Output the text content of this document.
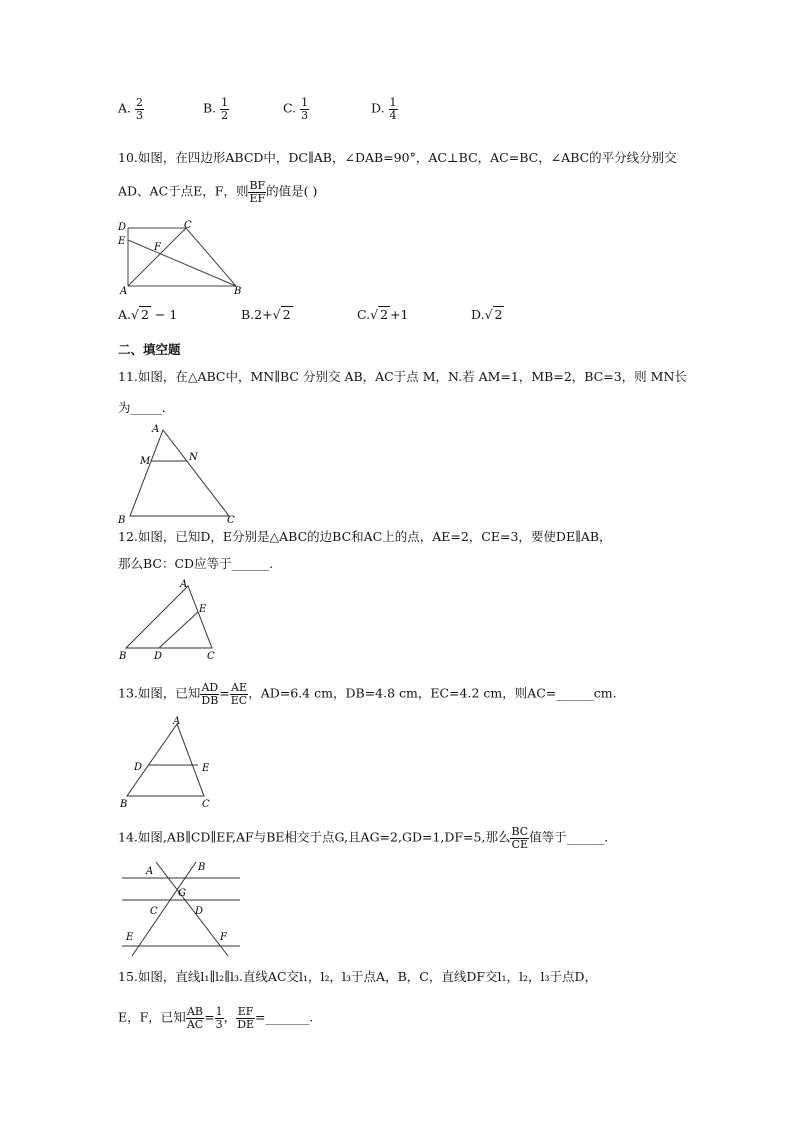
A. $\frac{2}{3}$	B. $\frac{1}{2}$	C. $\frac{1}{3}$	D. $\frac{1}{4}$
10.如图，在四边形ABCD中，DC∥AB，∠DAB=90°，AC⊥BC，AC=BC，∠ABC的平分线分别交
AD、AC于点E，F，则 $\frac{BF}{EF}$ 的值是( )
D	C
E
F
A	B
A.√ 2 − 1	B.2+√ 2	C.√ 2 +1	D.√ 2
二、填空题
11.如图，在△ABC中，MN∥BC 分别交 AB，AC于点 M，N.若 AM=1，MB=2，BC=3，则 MN长
为_____.
A
M	N
B	C
12.如图，已知D，E分别是△ABC的边BC和AC上的点，AE=2，CE=3，要使DE∥AB，
那么BC：CD应等于______.
A
E
B	D	C
13.如图，已知 $\frac{AD}{DB} = \frac{AE}{EC}$ ，AD=6.4 cm，DB=4.8 cm，EC=4.2 cm，则AC=______cm.
A
D	E
B	C
14.如图,AB∥CD∥EF,AF与BE相交于点G,且AG=2,GD=1,DF=5,那么 $\frac{BC}{CE}$ 值等于______.
A	B
G
C	D
E	F
15.如图，直线l₁∥l₂∥l₃.直线AC交l₁，l₂，l₃于点A，B，C，直线DF交l₁，l₂，l₃于点D，
E，F，已知 $\frac{AB}{AC} = \frac{1}{3}$ ， $\frac{EF}{DE}$ =_______.
